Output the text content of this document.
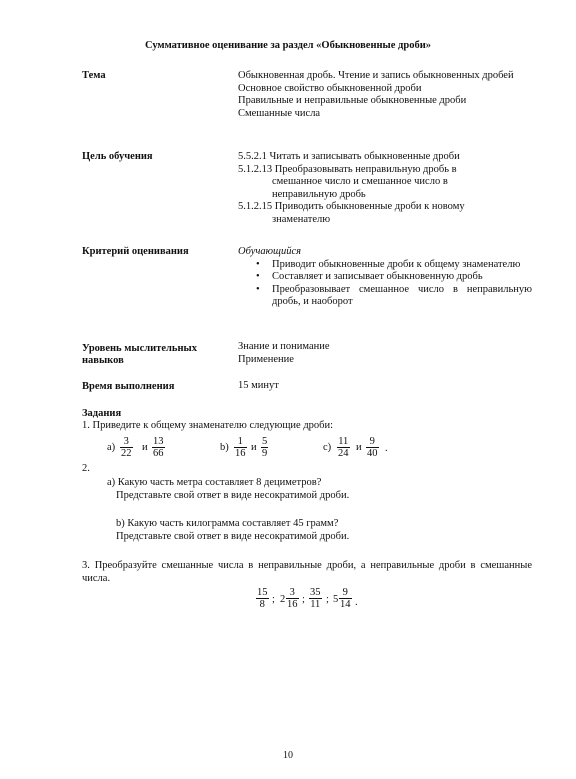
Суммативное оценивание за раздел «Обыкновенные дроби»
Тема	Обыкновенная дробь. Чтение и запись обыкновенных дробей
Основное свойство обыкновенной дроби
Правильные и неправильные обыкновенные дроби
Смешанные числа
Цель обучения	5.5.2.1 Читать и записывать обыкновенные дроби
5.1.2.13 Преобразовывать неправильную дробь в
смешанное число и смешанное число в неправильную дробь
5.1.2.15 Приводить обыкновенные дроби к новому
знаменателю
Критерий оценивания	Обучающийся
• Приводит обыкновенные дроби к общему знаменателю
• Составляет и записывает обыкновенную дробь
• Преобразовывает смешанное число в неправильную дробь, и наоборот
Уровень мыслительных
навыков
Знание и понимание
Применение
Время выполнения	15 минут
Задания
1. Приведите к общему знаменателю следующие дроби:
a)
3
22
и
13
66
b)
1
16
и
5
9
c)
11
24
и
9
40 .
2.
a) Какую часть метра составляет 8 дециметров?
Представьте свой ответ в виде несократимой дроби.
b) Какую часть килограмма составляет 45 грамм?
Представьте свой ответ в виде несократимой дроби.
3. Преобразуйте смешанные числа в неправильные дроби, а неправильные дроби в смешанные числа.
15
8 ; 2
3
16 ;
35
11 ; 5
9
14 .
10
